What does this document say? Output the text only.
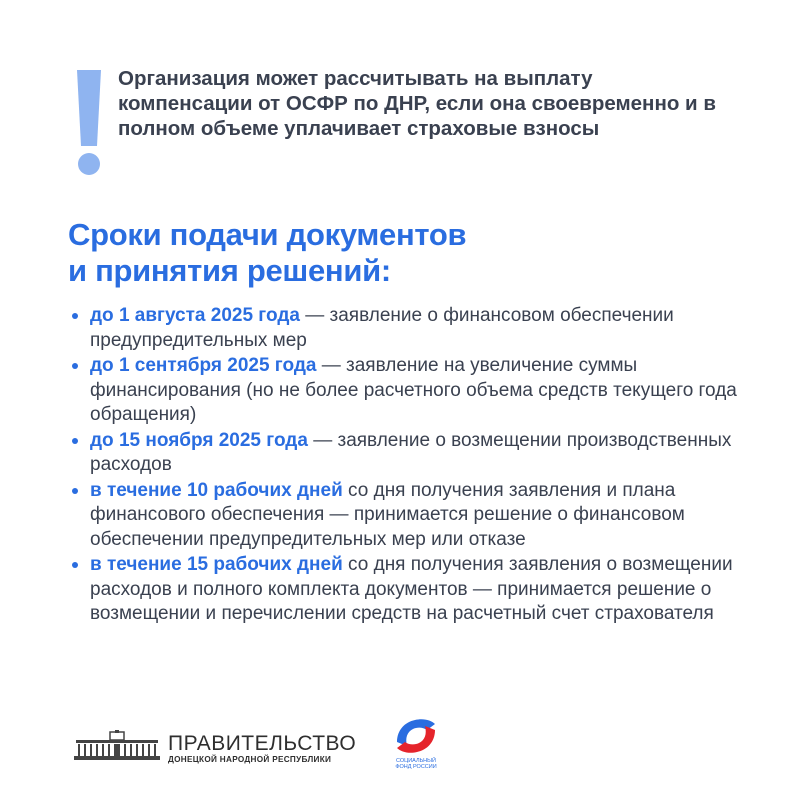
Организация может рассчитывать на выплату компенсации от ОСФР по ДНР, если она своевременно и в полном объеме уплачивает страховые взносы
Сроки подачи документов
и принятия решений:
до 1 августа 2025 года — заявление о финансовом обеспечении предупредительных мер
до 1 сентября 2025 года — заявление на увеличение суммы финансирования (но не более расчетного объема средств текущего года обращения)
до 15 ноября 2025 года — заявление о возмещении производственных расходов
в течение 10 рабочих дней со дня получения заявления и плана финансового обеспечения — принимается решение о финансовом обеспечении предупредительных мер или отказе
в течение 15 рабочих дней со дня получения заявления о возмещении расходов и полного комплекта документов — принимается решение о возмещении и перечислении средств на расчетный счет страхователя
ПРАВИТЕЛЬСТВО
ДОНЕЦКОЙ НАРОДНОЙ РЕСПУБЛИКИ	СОЦИАЛЬНЫЙ ФОНД РОССИИ
